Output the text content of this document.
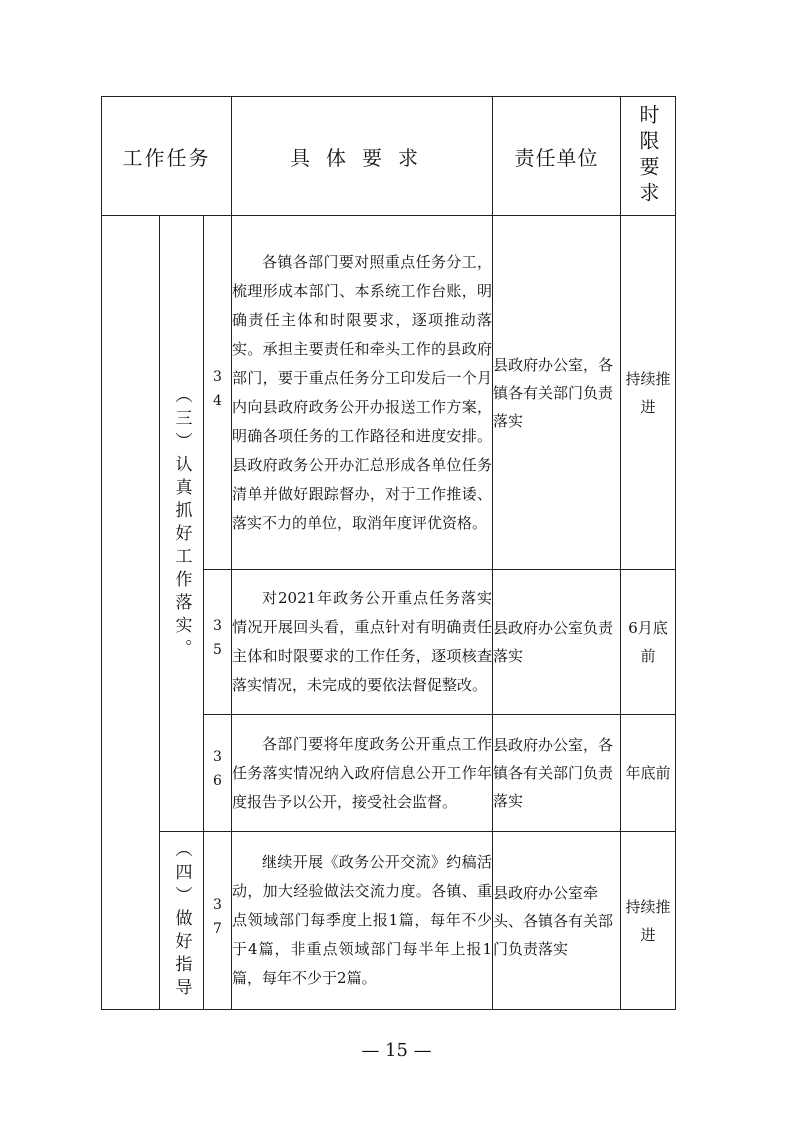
工作任务			具体要求	责任单位	时限要求

	（三）认真抓好工作落实。	34	各镇各部门要对照重点任务分工，梳理形成本部门、本系统工作台账，明确责任主体和时限要求，逐项推动落实。承担主要责任和牵头工作的县政府部门，要于重点任务分工印发后一个月内向县政府政务公开办报送工作方案，明确各项任务的工作路径和进度安排。县政府政务公开办汇总形成各单位任务清单并做好跟踪督办，对于工作推诿、落实不力的单位，取消年度评优资格。	县政府办公室，各镇各有关部门负责落实	持续推进

		35	对2021年政务公开重点任务落实情况开展回头看，重点针对有明确责任主体和时限要求的工作任务，逐项核查落实情况，未完成的要依法督促整改。	县政府办公室负责落实	6月底前

		36	各部门要将年度政务公开重点工作任务落实情况纳入政府信息公开工作年度报告予以公开，接受社会监督。	县政府办公室，各镇各有关部门负责落实	年底前

	（四）做好指导	37	继续开展《政务公开交流》约稿活动，加大经验做法交流力度。各镇、重点领域部门每季度上报1篇，每年不少于4篇，非重点领域部门每半年上报1篇，每年不少于2篇。	县政府办公室牵头、各镇各有关部门负责落实	持续推进
— 15 —
